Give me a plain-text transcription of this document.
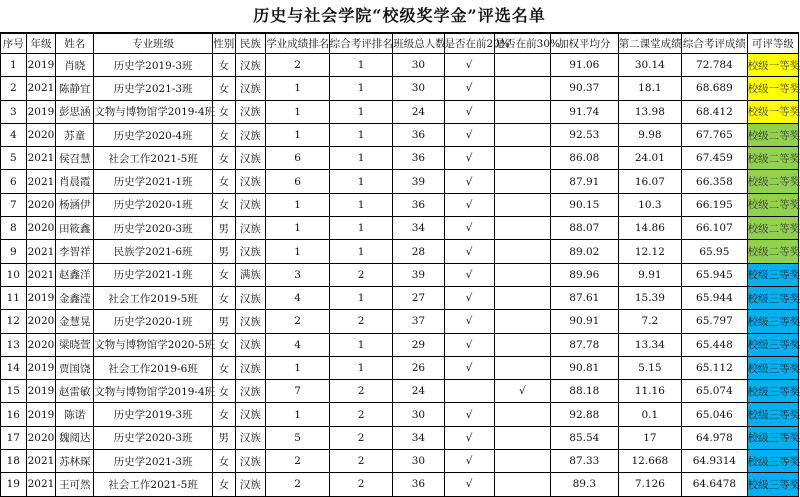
历史与社会学院“校级奖学金”评选名单
序号	年级	姓名	专业班级	性别	民族	学业成绩排名	综合考评排名	班级总人数	是否在前20%	是否在前30%	加权平均分	第二课堂成绩	综合考评成绩	可评等级
1	2019	肖晓	历史学2019-3班	女	汉族	2	1	30	√		91.06	30.14	72.784	校级一等奖
2	2021	陈静宜	历史学2021-3班	女	汉族	1	1	30	√		90.37	18.1	68.689	校级一等奖
3	2019	彭思涵	文物与博物馆学2019-4班	女	汉族	1	1	24	√		91.74	13.98	68.412	校级一等奖
4	2020	苏童	历史学2020-4班	女	汉族	1	1	36	√		92.53	9.98	67.765	校级二等奖
5	2021	侯召慧	社会工作2021-5班	女	汉族	6	1	36	√		86.08	24.01	67.459	校级二等奖
6	2021	肖晨霞	历史学2021-1班	女	汉族	6	1	39	√		87.91	16.07	66.358	校级二等奖
7	2020	杨涵伊	历史学2020-1班	女	汉族	1	1	36	√		90.15	10.3	66.195	校级二等奖
8	2020	田筱鑫	历史学2020-3班	男	汉族	1	1	34	√		88.07	14.86	66.107	校级二等奖
9	2021	李智祥	民族学2021-6班	男	汉族	1	1	28	√		89.02	12.12	65.95	校级二等奖
10	2021	赵鑫洋	历史学2021-1班	女	满族	3	2	39	√		89.96	9.91	65.945	校级三等奖
11	2019	金鑫滢	社会工作2019-5班	女	汉族	4	1	27	√		87.61	15.39	65.944	校级三等奖
12	2020	金慧晃	历史学2020-1班	男	汉族	2	2	37	√		90.91	7.2	65.797	校级三等奖
13	2020	梁晓萱	文物与博物馆学2020-5班	女	汉族	4	1	29	√		87.78	13.34	65.448	校级三等奖
14	2019	贾国饶	社会工作2019-6班	女	汉族	1	1	26	√		90.81	5.15	65.112	校级三等奖
15	2019	赵雷敏	文物与博物馆学2019-4班	女	汉族	7	2	24		√	88.18	11.16	65.074	校级三等奖
16	2019	陈诺	历史学2019-3班	女	汉族	1	2	30	√		92.88	0.1	65.046	校级三等奖
17	2020	魏阅达	历史学2020-3班	男	汉族	5	2	34	√		85.54	17	64.978	校级三等奖
18	2021	苏林琛	历史学2021-3班	女	汉族	2	2	30	√		87.33	12.668	64.9314	校级三等奖
19	2021	王可然	社会工作2021-5班	女	汉族	2	2	36	√		89.3	7.126	64.6478	校级三等奖
